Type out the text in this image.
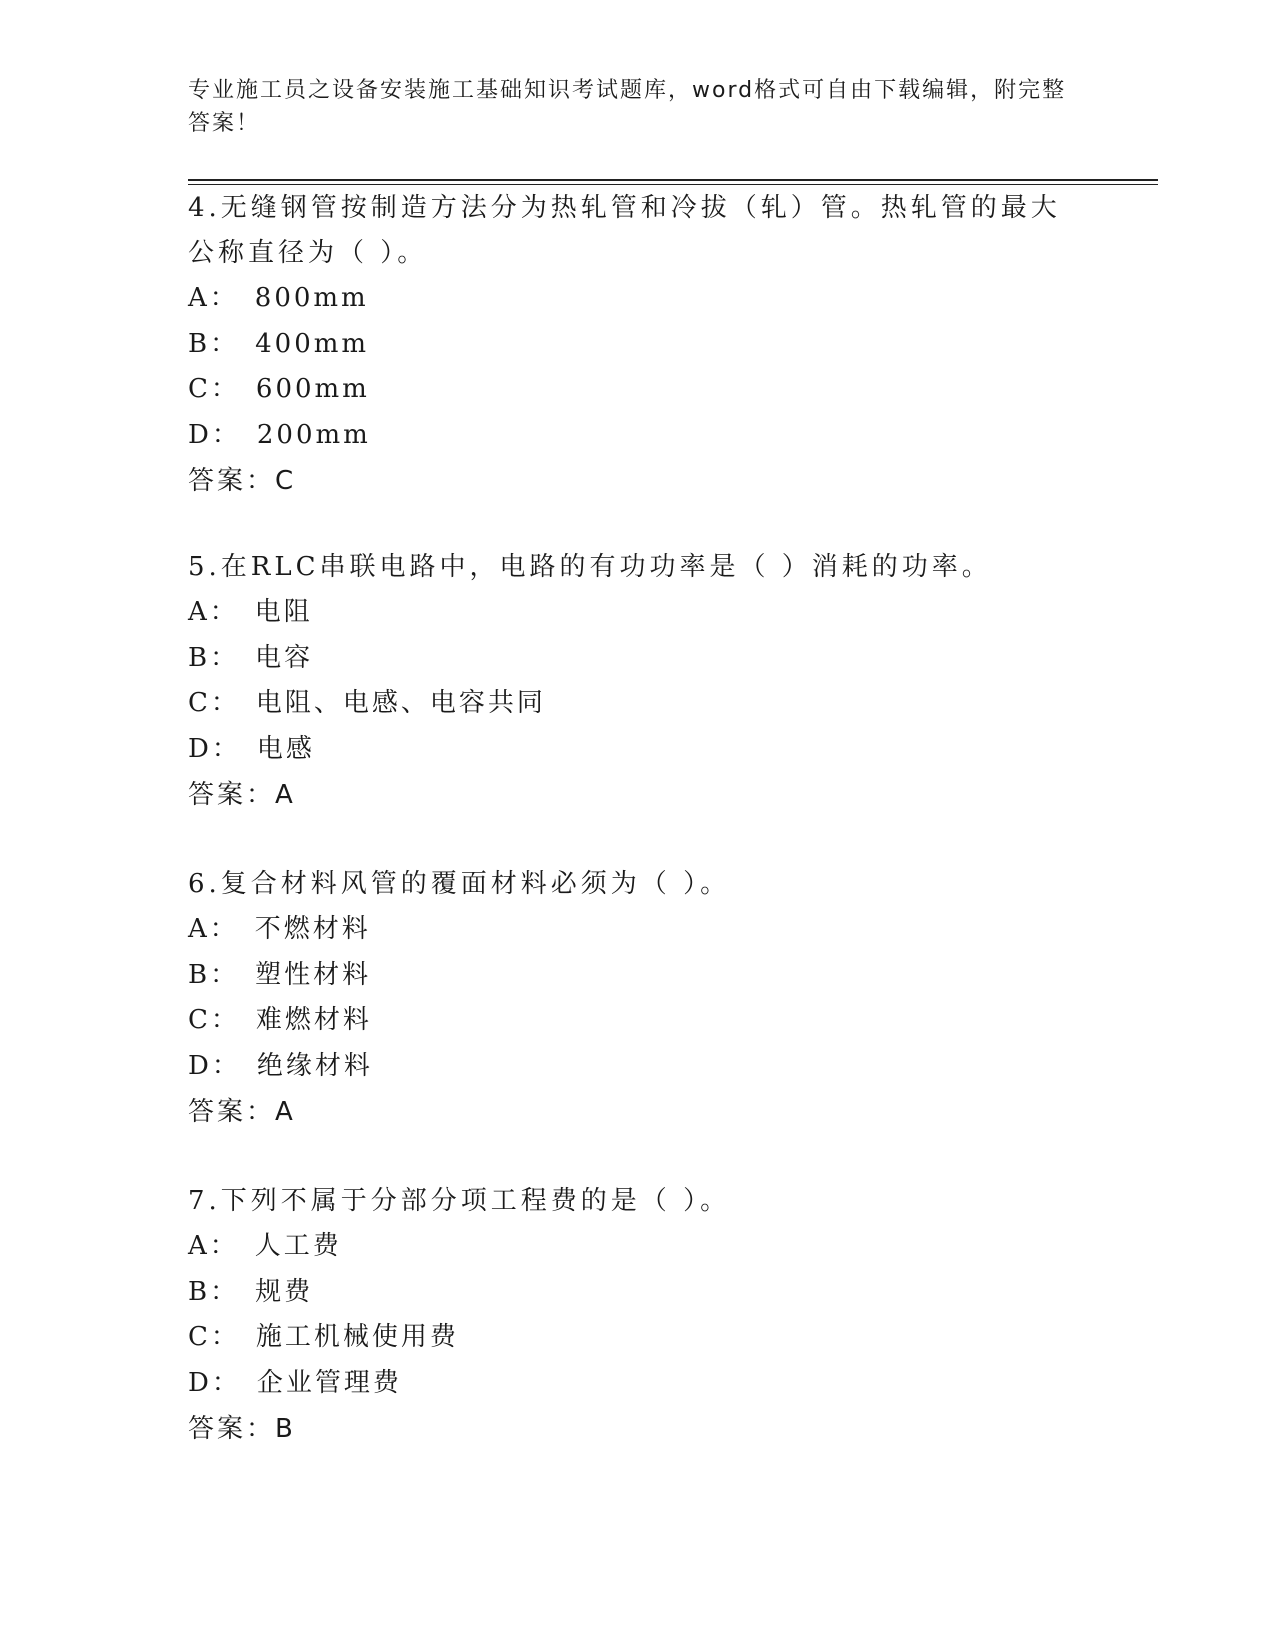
专业施工员之设备安装施工基础知识考试题库，word格式可自由下载编辑，附完整答案！

4.无缝钢管按制造方法分为热轧管和冷拔（轧）管。热轧管的最大公称直径为（ ）。

A： 800mm

B： 400mm

C： 600mm

D： 200mm

答案：C

5.在RLC串联电路中，电路的有功功率是（ ）消耗的功率。

A： 电阻

B： 电容

C： 电阻、电感、电容共同

D： 电感

答案：A

6.复合材料风管的覆面材料必须为（ ）。

A： 不燃材料

B： 塑性材料

C： 难燃材料

D： 绝缘材料

答案：A

7.下列不属于分部分项工程费的是（ ）。

A： 人工费

B： 规费

C： 施工机械使用费

D： 企业管理费

答案：B
